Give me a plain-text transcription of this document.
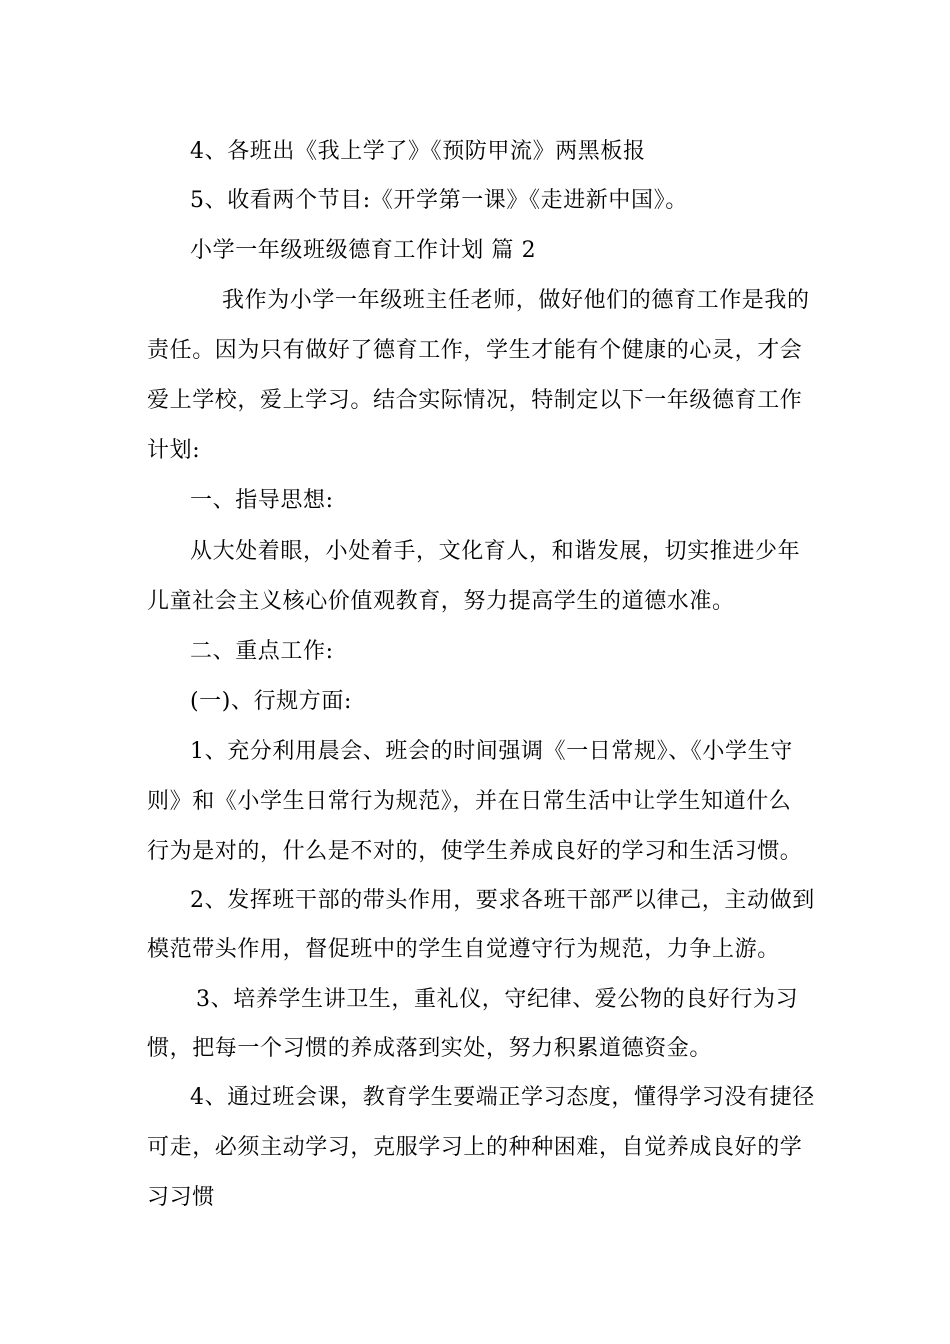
4、各班出《我上学了》《预防甲流》两黑板报
5、收看两个节目:《开学第一课》《走进新中国》。
小学一年级班级德育工作计划 篇 2
我作为小学一年级班主任老师，做好他们的德育工作是我的
责任。因为只有做好了德育工作，学生才能有个健康的心灵，才会
爱上学校，爱上学习。结合实际情况，特制定以下一年级德育工作
计划:
一、指导思想:
从大处着眼，小处着手，文化育人，和谐发展，切实推进少年
儿童社会主义核心价值观教育，努力提高学生的道德水准。
二、重点工作:
(一)、行规方面:
1、充分利用晨会、班会的时间强调《一日常规》、《小学生守
则》和《小学生日常行为规范》，并在日常生活中让学生知道什么
行为是对的，什么是不对的，使学生养成良好的学习和生活习惯。
2、发挥班干部的带头作用，要求各班干部严以律己，主动做到
模范带头作用，督促班中的学生自觉遵守行为规范，力争上游。
3、培养学生讲卫生，重礼仪，守纪律、爱公物的良好行为习
惯，把每一个习惯的养成落到实处，努力积累道德资金。
4、通过班会课，教育学生要端正学习态度，懂得学习没有捷径
可走，必须主动学习，克服学习上的种种困难，自觉养成良好的学
习习惯
